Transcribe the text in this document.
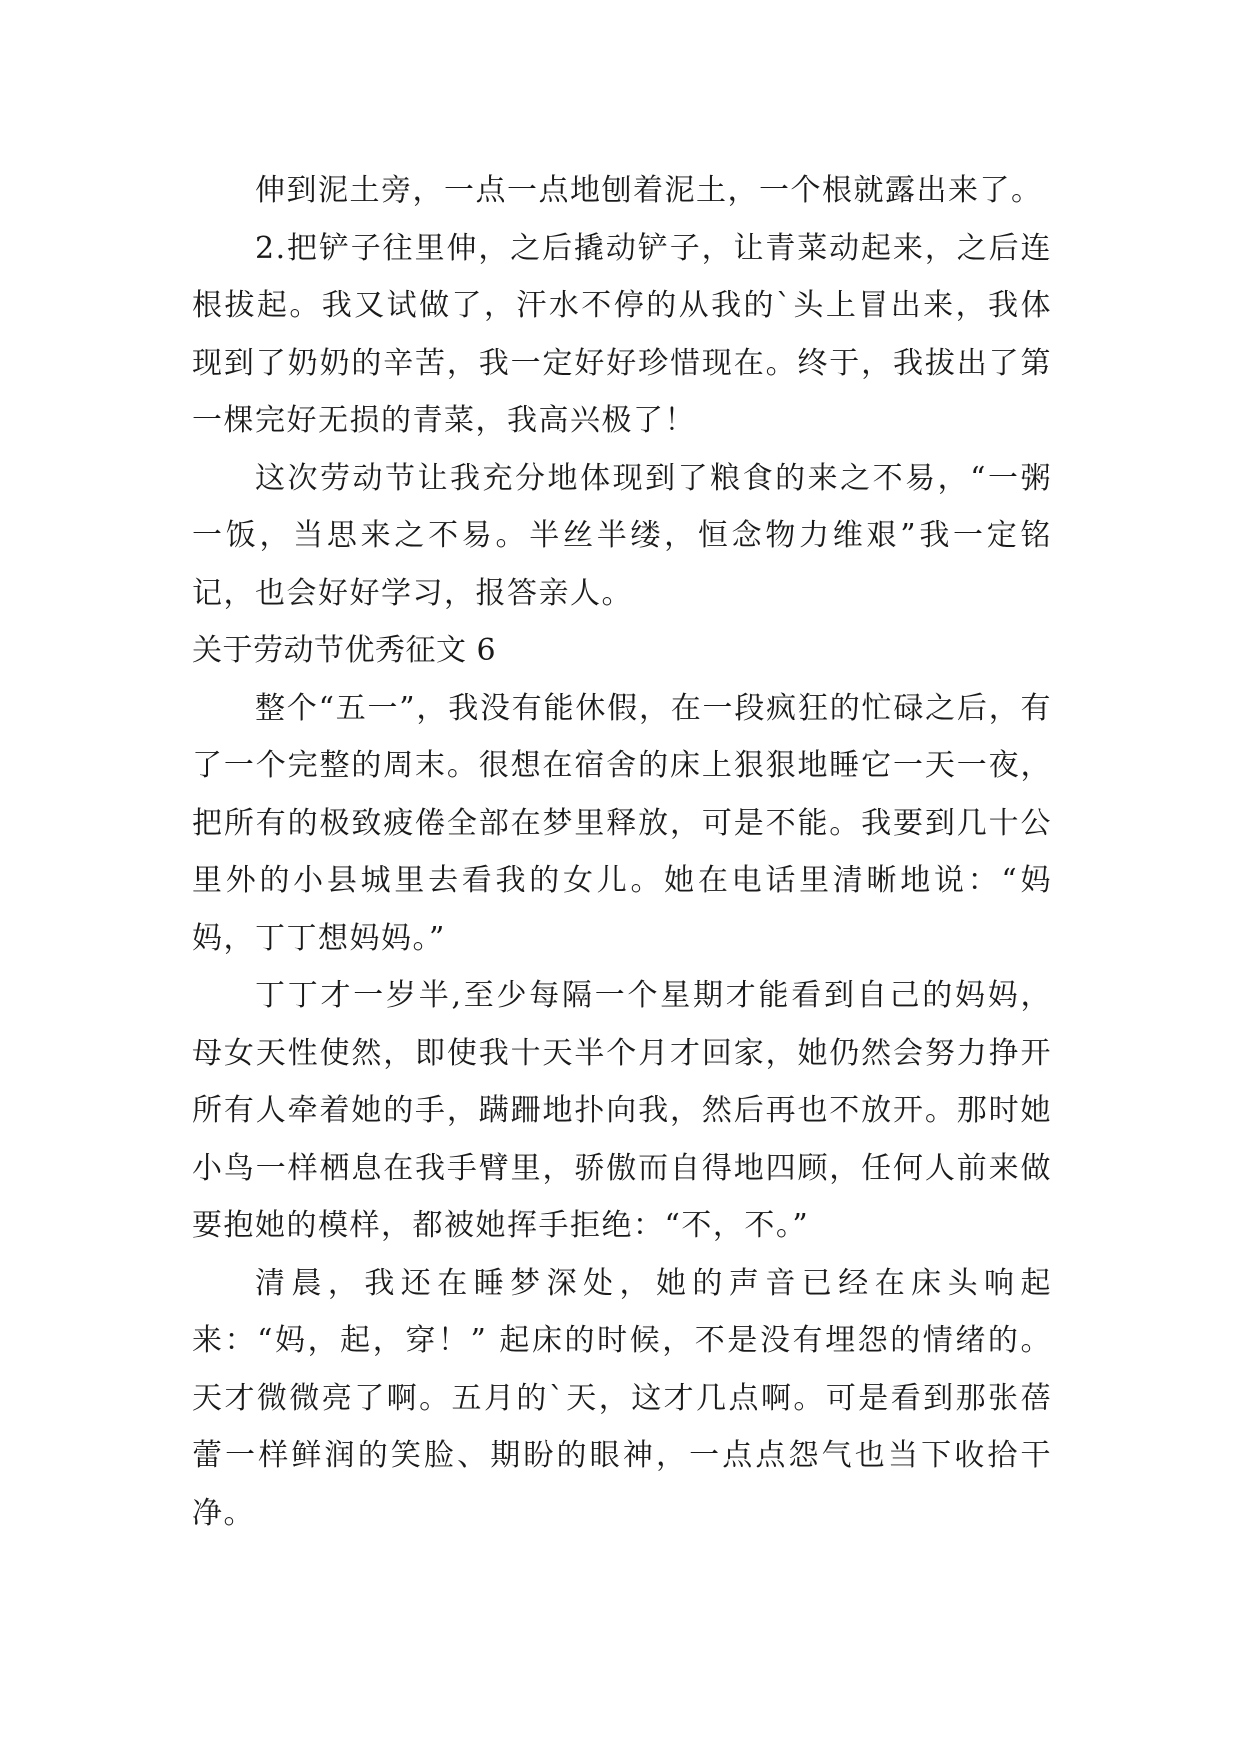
伸到泥土旁，一点一点地刨着泥土，一个根就露出来了。

2.把铲子往里伸，之后撬动铲子，让青菜动起来，之后连根拔起。我又试做了，汗水不停的从我的`头上冒出来，我体现到了奶奶的辛苦，我一定好好珍惜现在。终于，我拔出了第一棵完好无损的青菜，我高兴极了！

这次劳动节让我充分地体现到了粮食的来之不易，“一粥一饭，当思来之不易。半丝半缕，恒念物力维艰”我一定铭记，也会好好学习，报答亲人。

关于劳动节优秀征文 6

整个“五一”，我没有能休假，在一段疯狂的忙碌之后，有了一个完整的周末。很想在宿舍的床上狠狠地睡它一天一夜，把所有的极致疲倦全部在梦里释放，可是不能。我要到几十公里外的小县城里去看我的女儿。她在电话里清晰地说：“妈妈，丁丁想妈妈。”

丁丁才一岁半,至少每隔一个星期才能看到自己的妈妈，母女天性使然，即使我十天半个月才回家，她仍然会努力挣开所有人牵着她的手，蹒跚地扑向我，然后再也不放开。那时她小鸟一样栖息在我手臂里，骄傲而自得地四顾，任何人前来做要抱她的模样，都被她挥手拒绝：“不，不。”

清晨，我还在睡梦深处，她的声音已经在床头响起来：“妈，起，穿！” 起床的时候，不是没有埋怨的情绪的。天才微微亮了啊。五月的`天，这才几点啊。可是看到那张蓓蕾一样鲜润的笑脸、期盼的眼神，一点点怨气也当下收拾干净。
